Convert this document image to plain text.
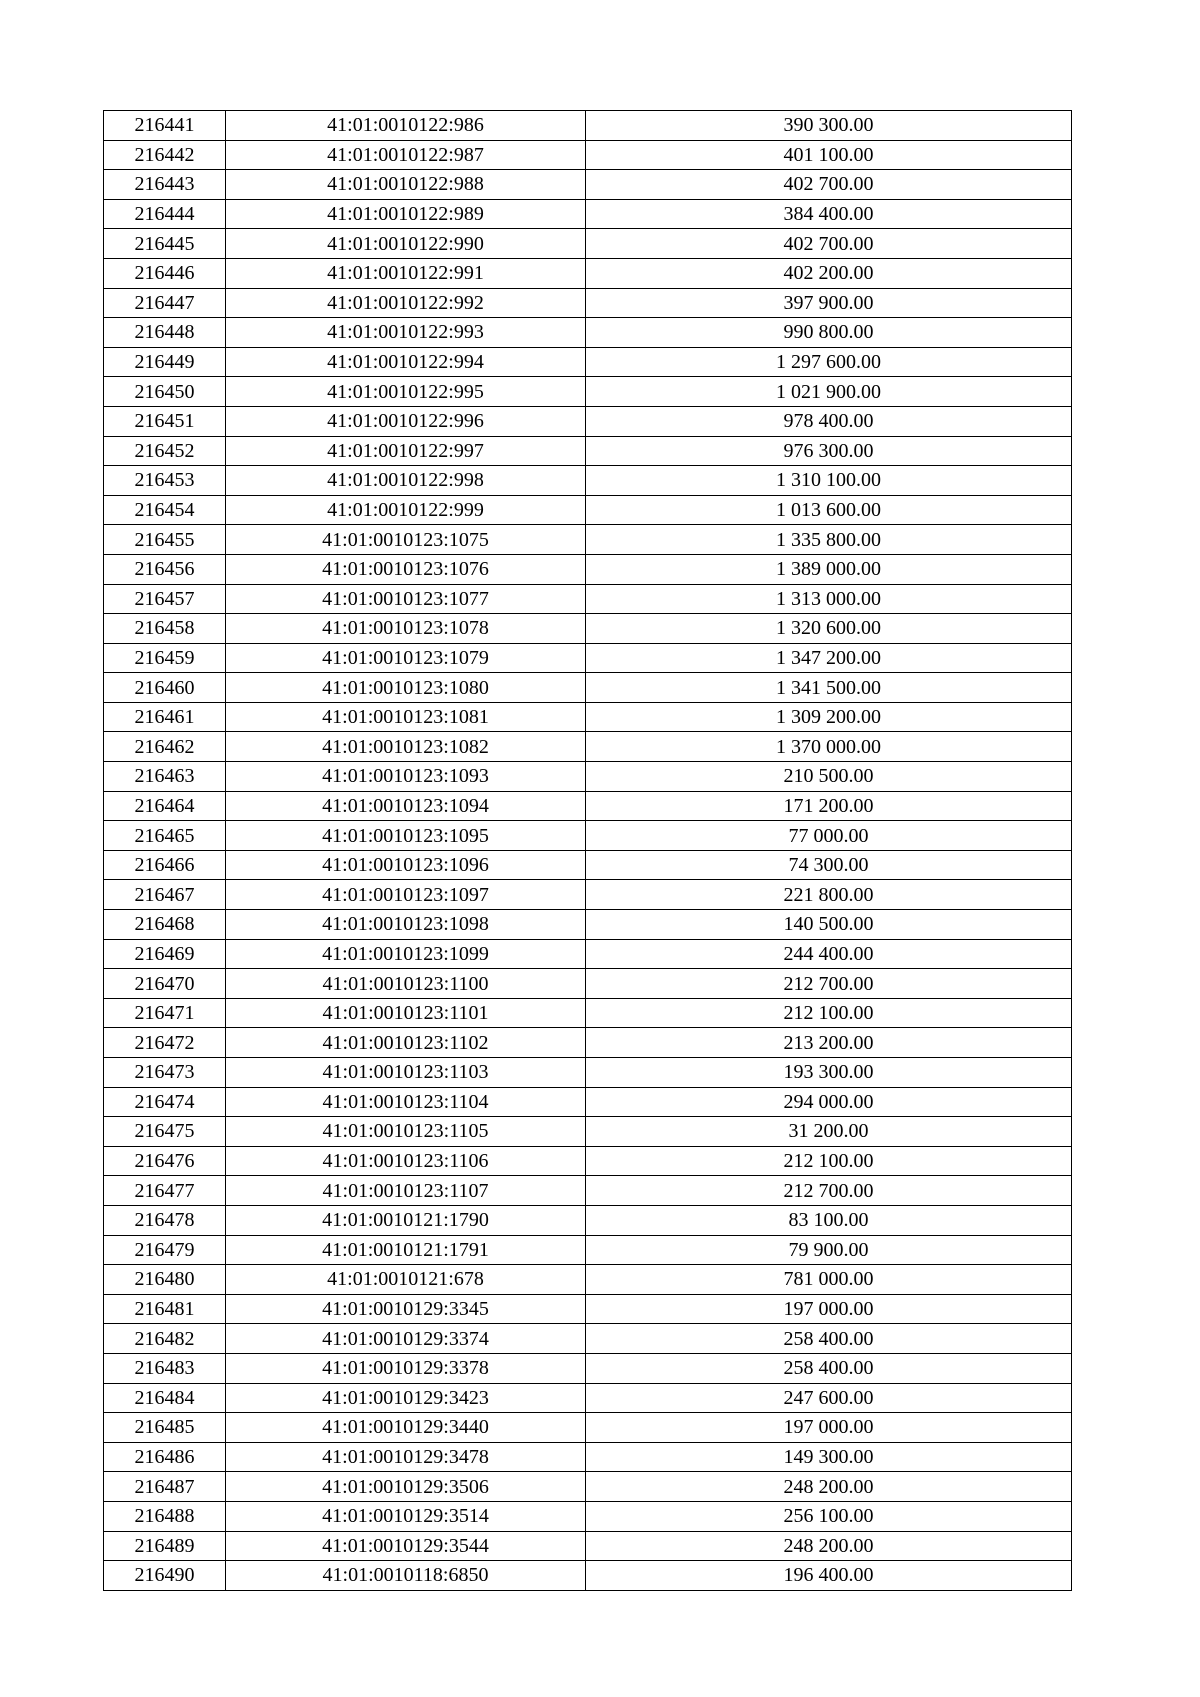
216441	41:01:0010122:986	390 300.00
216442	41:01:0010122:987	401 100.00
216443	41:01:0010122:988	402 700.00
216444	41:01:0010122:989	384 400.00
216445	41:01:0010122:990	402 700.00
216446	41:01:0010122:991	402 200.00
216447	41:01:0010122:992	397 900.00
216448	41:01:0010122:993	990 800.00
216449	41:01:0010122:994	1 297 600.00
216450	41:01:0010122:995	1 021 900.00
216451	41:01:0010122:996	978 400.00
216452	41:01:0010122:997	976 300.00
216453	41:01:0010122:998	1 310 100.00
216454	41:01:0010122:999	1 013 600.00
216455	41:01:0010123:1075	1 335 800.00
216456	41:01:0010123:1076	1 389 000.00
216457	41:01:0010123:1077	1 313 000.00
216458	41:01:0010123:1078	1 320 600.00
216459	41:01:0010123:1079	1 347 200.00
216460	41:01:0010123:1080	1 341 500.00
216461	41:01:0010123:1081	1 309 200.00
216462	41:01:0010123:1082	1 370 000.00
216463	41:01:0010123:1093	210 500.00
216464	41:01:0010123:1094	171 200.00
216465	41:01:0010123:1095	77 000.00
216466	41:01:0010123:1096	74 300.00
216467	41:01:0010123:1097	221 800.00
216468	41:01:0010123:1098	140 500.00
216469	41:01:0010123:1099	244 400.00
216470	41:01:0010123:1100	212 700.00
216471	41:01:0010123:1101	212 100.00
216472	41:01:0010123:1102	213 200.00
216473	41:01:0010123:1103	193 300.00
216474	41:01:0010123:1104	294 000.00
216475	41:01:0010123:1105	31 200.00
216476	41:01:0010123:1106	212 100.00
216477	41:01:0010123:1107	212 700.00
216478	41:01:0010121:1790	83 100.00
216479	41:01:0010121:1791	79 900.00
216480	41:01:0010121:678	781 000.00
216481	41:01:0010129:3345	197 000.00
216482	41:01:0010129:3374	258 400.00
216483	41:01:0010129:3378	258 400.00
216484	41:01:0010129:3423	247 600.00
216485	41:01:0010129:3440	197 000.00
216486	41:01:0010129:3478	149 300.00
216487	41:01:0010129:3506	248 200.00
216488	41:01:0010129:3514	256 100.00
216489	41:01:0010129:3544	248 200.00
216490	41:01:0010118:6850	196 400.00
